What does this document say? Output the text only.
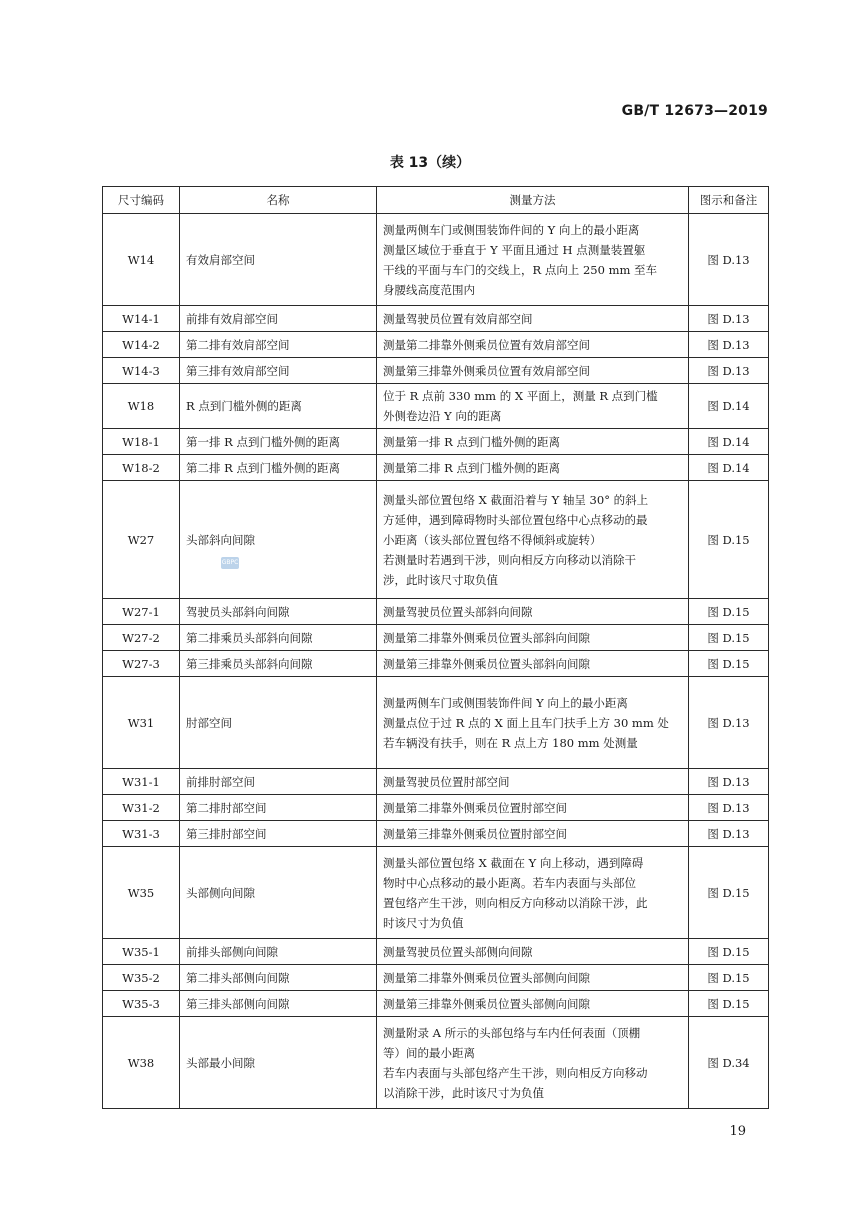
GB/T 12673—2019
表 13（续）
尺寸编码	名称	测量方法	图示和备注
W14	有效肩部空间	测量两侧车门或侧围装饰件间的 Y 向上的最小距离
测量区域位于垂直于 Y 平面且通过 H 点测量装置躯
干线的平面与车门的交线上，R 点向上 250 mm 至车
身腰线高度范围内	图 D.13
W14-1	前排有效肩部空间	测量驾驶员位置有效肩部空间	图 D.13
W14-2	第二排有效肩部空间	测量第二排靠外侧乘员位置有效肩部空间	图 D.13
W14-3	第三排有效肩部空间	测量第三排靠外侧乘员位置有效肩部空间	图 D.13
W18	R 点到门槛外侧的距离	位于 R 点前 330 mm 的 X 平面上，测量 R 点到门槛
外侧卷边沿 Y 向的距离	图 D.14
W18-1	第一排 R 点到门槛外侧的距离	测量第一排 R 点到门槛外侧的距离	图 D.14
W18-2	第二排 R 点到门槛外侧的距离	测量第二排 R 点到门槛外侧的距离	图 D.14
W27	头部斜向间隙	测量头部位置包络 X 截面沿着与 Y 轴呈 30° 的斜上
方延伸，遇到障碍物时头部位置包络中心点移动的最
小距离（该头部位置包络不得倾斜或旋转）
若测量时若遇到干涉，则向相反方向移动以消除干
涉，此时该尺寸取负值	图 D.15
W27-1	驾驶员头部斜向间隙	测量驾驶员位置头部斜向间隙	图 D.15
W27-2	第二排乘员头部斜向间隙	测量第二排靠外侧乘员位置头部斜向间隙	图 D.15
W27-3	第三排乘员头部斜向间隙	测量第三排靠外侧乘员位置头部斜向间隙	图 D.15
W31	肘部空间	测量两侧车门或侧围装饰件间 Y 向上的最小距离
测量点位于过 R 点的 X 面上且车门扶手上方 30 mm 处
若车辆没有扶手，则在 R 点上方 180 mm 处测量	图 D.13
W31-1	前排肘部空间	测量驾驶员位置肘部空间	图 D.13
W31-2	第二排肘部空间	测量第二排靠外侧乘员位置肘部空间	图 D.13
W31-3	第三排肘部空间	测量第三排靠外侧乘员位置肘部空间	图 D.13
W35	头部侧向间隙	测量头部位置包络 X 截面在 Y 向上移动，遇到障碍
物时中心点移动的最小距离。若车内表面与头部位
置包络产生干涉，则向相反方向移动以消除干涉，此
时该尺寸为负值	图 D.15
W35-1	前排头部侧向间隙	测量驾驶员位置头部侧向间隙	图 D.15
W35-2	第二排头部侧向间隙	测量第二排靠外侧乘员位置头部侧向间隙	图 D.15
W35-3	第三排头部侧向间隙	测量第三排靠外侧乘员位置头部侧向间隙	图 D.15
W38	头部最小间隙	测量附录 A 所示的头部包络与车内任何表面（顶棚
等）间的最小距离
若车内表面与头部包络产生干涉，则向相反方向移动
以消除干涉，此时该尺寸为负值	图 D.34
GBPC
19
